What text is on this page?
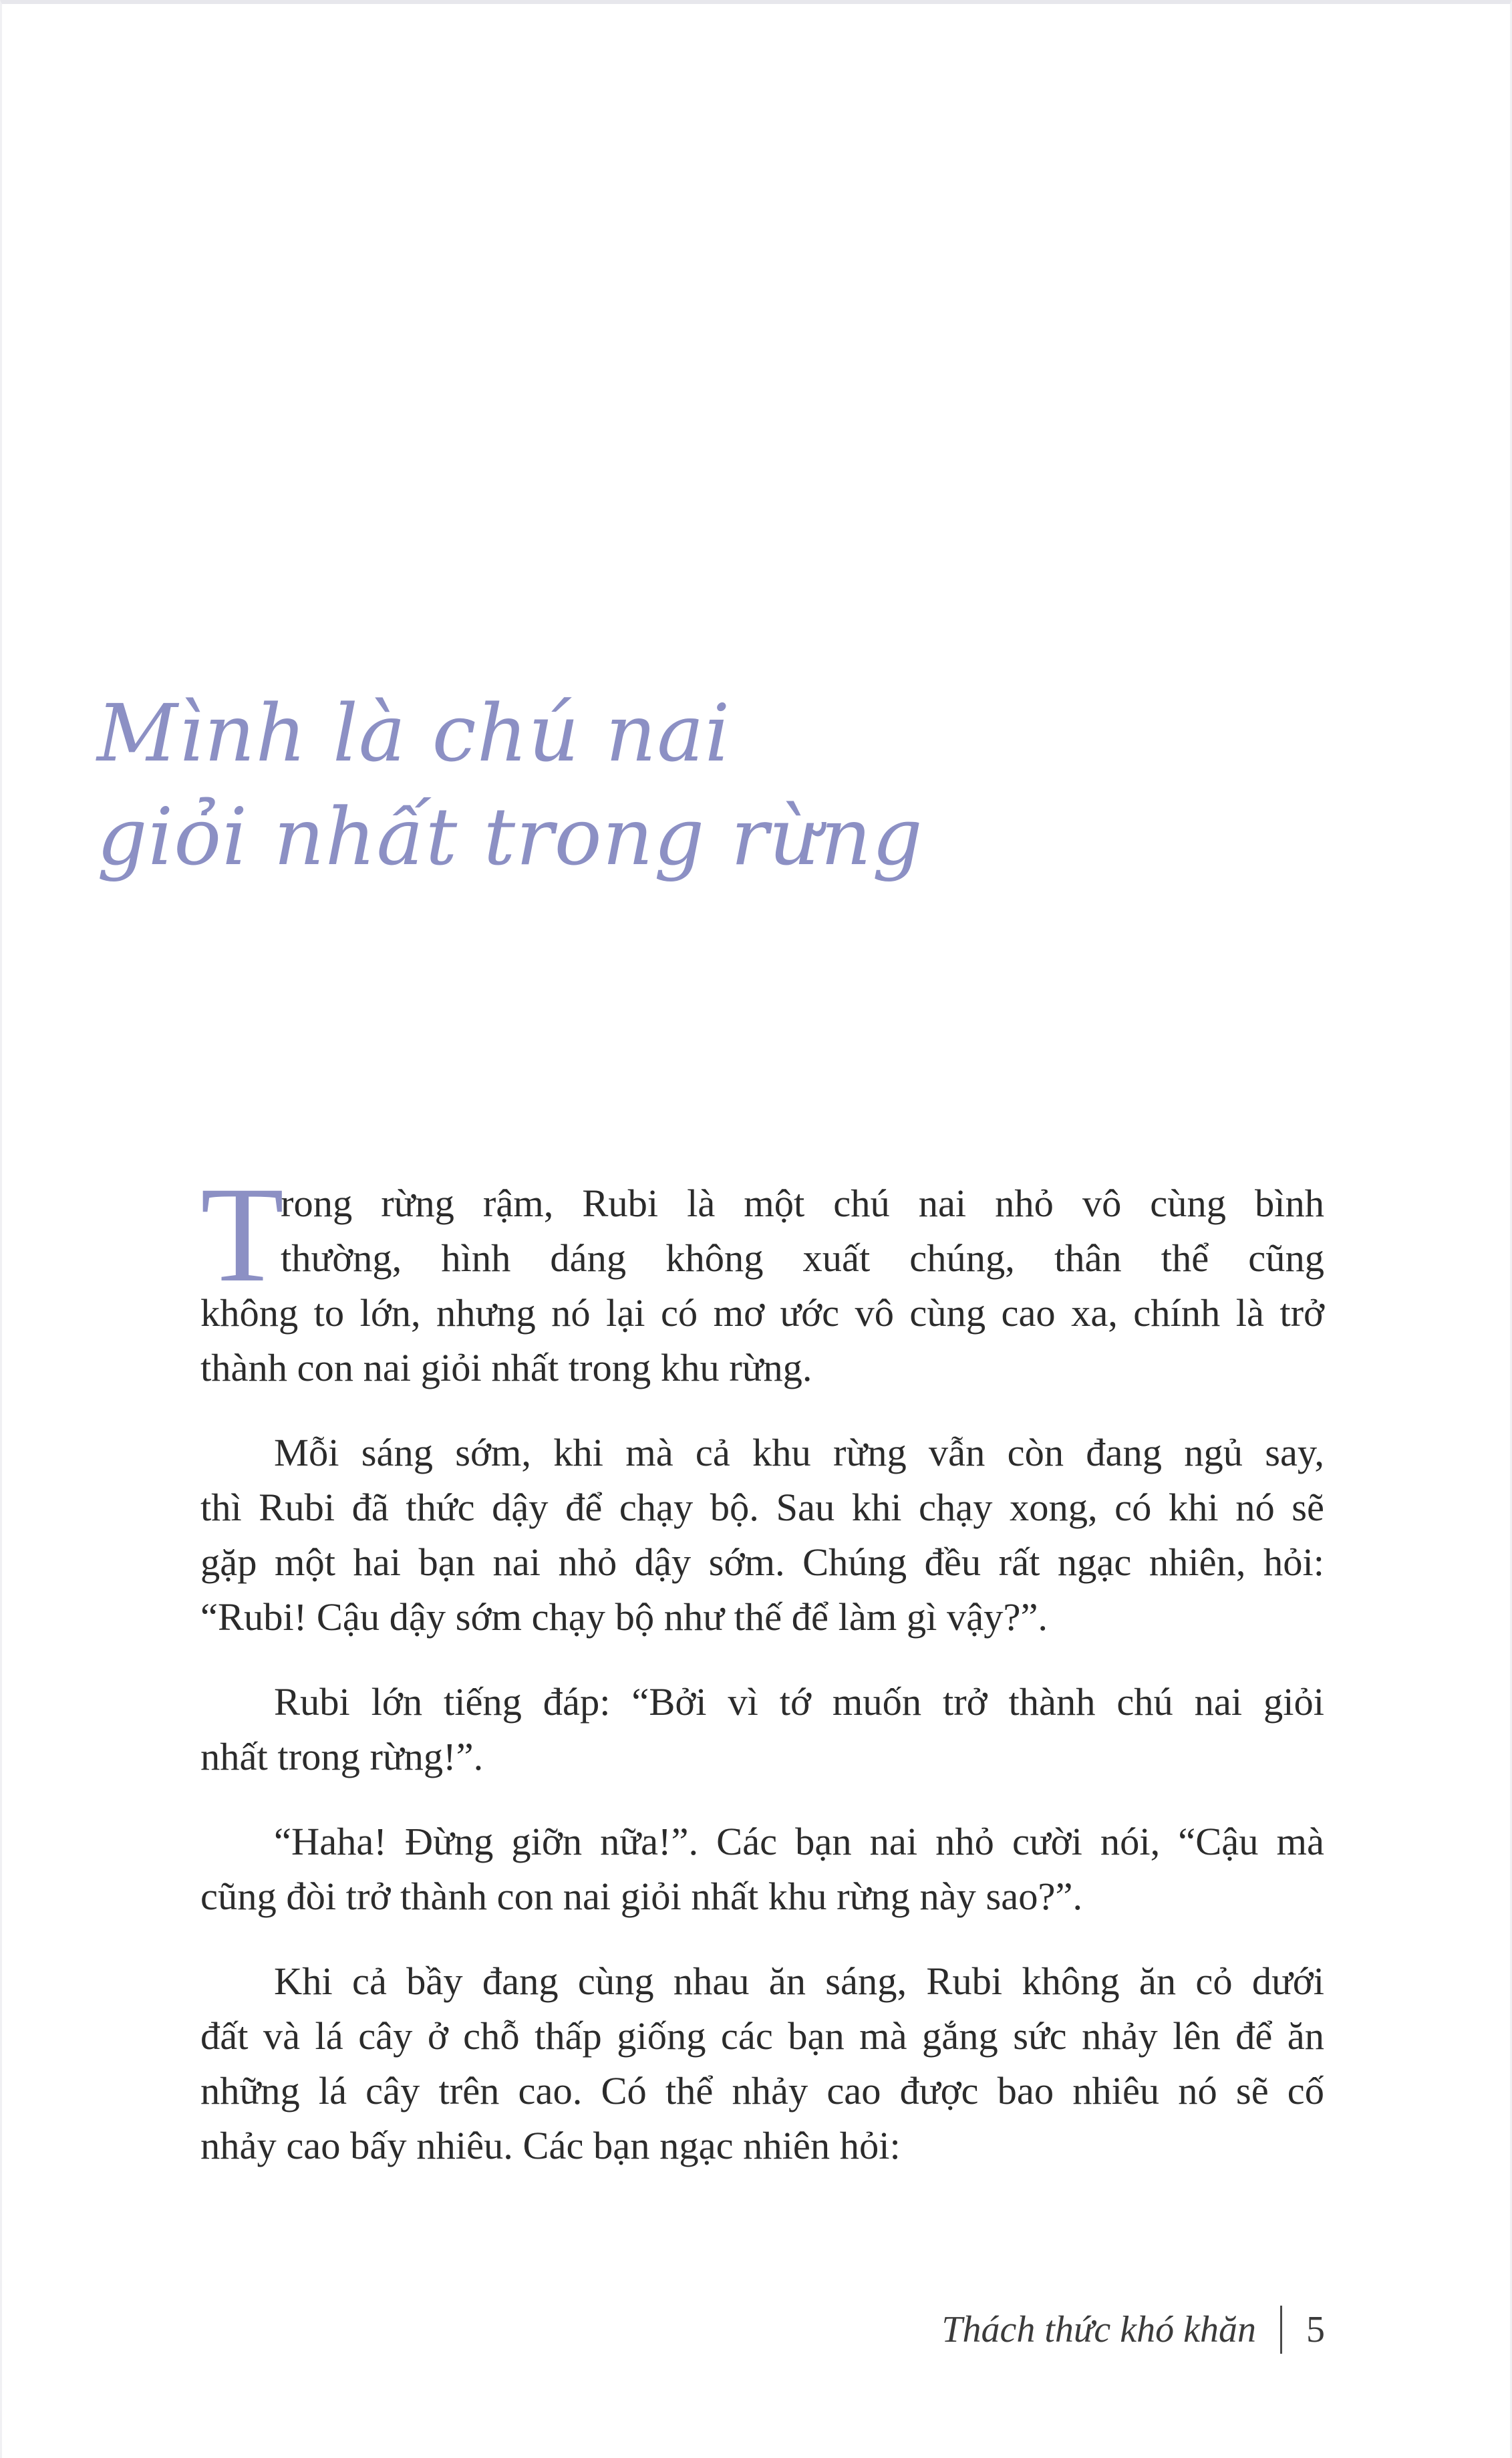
Mình là chú nai
giỏi nhất trong rừng
T
rong rừng rậm, Rubi là một chú nai nhỏ vô cùng bình
thường, hình dáng không xuất chúng, thân thể cũng
không to lớn, nhưng nó lại có mơ ước vô cùng cao xa, chính là trở
thành con nai giỏi nhất trong khu rừng.
Mỗi sáng sớm, khi mà cả khu rừng vẫn còn đang ngủ say,
thì Rubi đã thức dậy để chạy bộ. Sau khi chạy xong, có khi nó sẽ
gặp một hai bạn nai nhỏ dậy sớm. Chúng đều rất ngạc nhiên, hỏi:
“Rubi! Cậu dậy sớm chạy bộ như thế để làm gì vậy?”.
Rubi lớn tiếng đáp: “Bởi vì tớ muốn trở thành chú nai giỏi
nhất trong rừng!”.
“Haha! Đừng giỡn nữa!”. Các bạn nai nhỏ cười nói, “Cậu mà
cũng đòi trở thành con nai giỏi nhất khu rừng này sao?”.
Khi cả bầy đang cùng nhau ăn sáng, Rubi không ăn cỏ dưới
đất và lá cây ở chỗ thấp giống các bạn mà gắng sức nhảy lên để ăn
những lá cây trên cao. Có thể nhảy cao được bao nhiêu nó sẽ cố
nhảy cao bấy nhiêu. Các bạn ngạc nhiên hỏi:
Thách thức khó khăn 5
